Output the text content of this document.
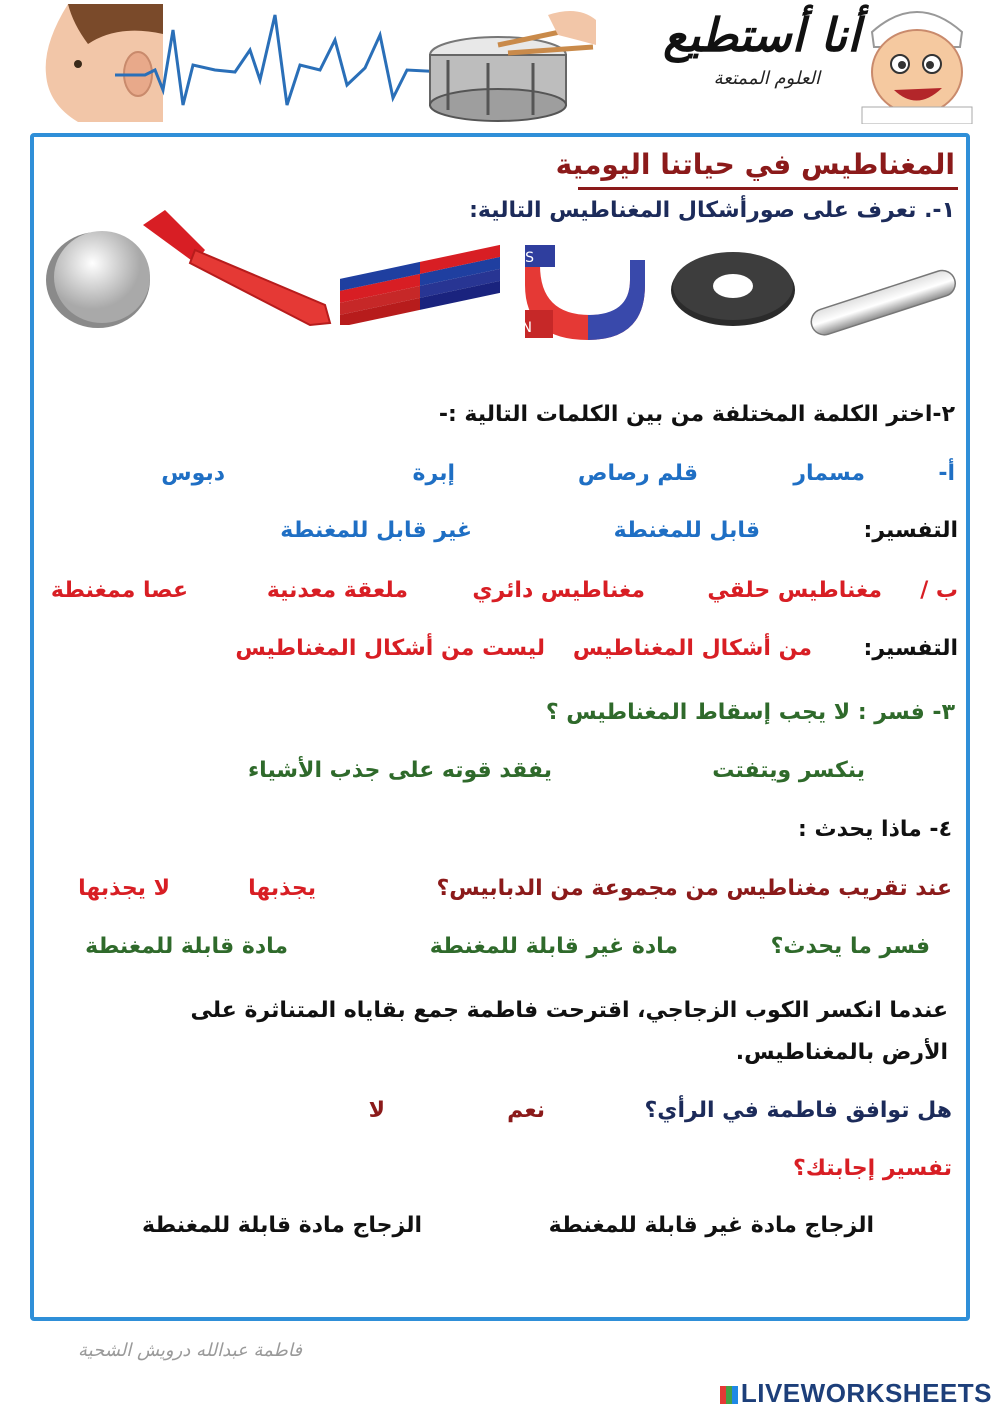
أنا أستطيع
العلوم الممتعة
المغناطيس في حياتنا اليومية
١-. تعرف على صورأشكال المغناطيس التالية:
S
N
٢-اختر الكلمة المختلفة من بين الكلمات التالية :-
أ-
مسمار
إبرة	قلم رصاص
دبوس
التفسير:
قابل للمغنطة
غير قابل للمغنطة
ب /
مغناطيس حلقي
مغناطيس دائري
ملعقة معدنية
عصا ممغنطة
التفسير:
من أشكال المغناطيس
ليست من أشكال المغناطيس
٣- فسر : لا يجب إسقاط المغناطيس ؟
ينكسر ويتفتت
يفقد قوته على جذب الأشياء
٤- ماذا يحدث :
عند تقريب مغناطيس من مجموعة من الدبابيس؟
يجذبها
لا يجذبها
فسر ما يحدث؟
مادة غير قابلة للمغنطة
مادة قابلة للمغنطة
عندما انكسر الكوب الزجاجي، اقترحت فاطمة جمع بقاياه المتناثرة على
الأرض بالمغناطيس.
هل توافق فاطمة في الرأي؟
نعم
لا
تفسير إجابتك؟
الزجاج مادة غير قابلة للمغنطة
الزجاج مادة قابلة للمغنطة
فاطمة عبدالله درويش الشحية
LIVEWORKSHEETS
